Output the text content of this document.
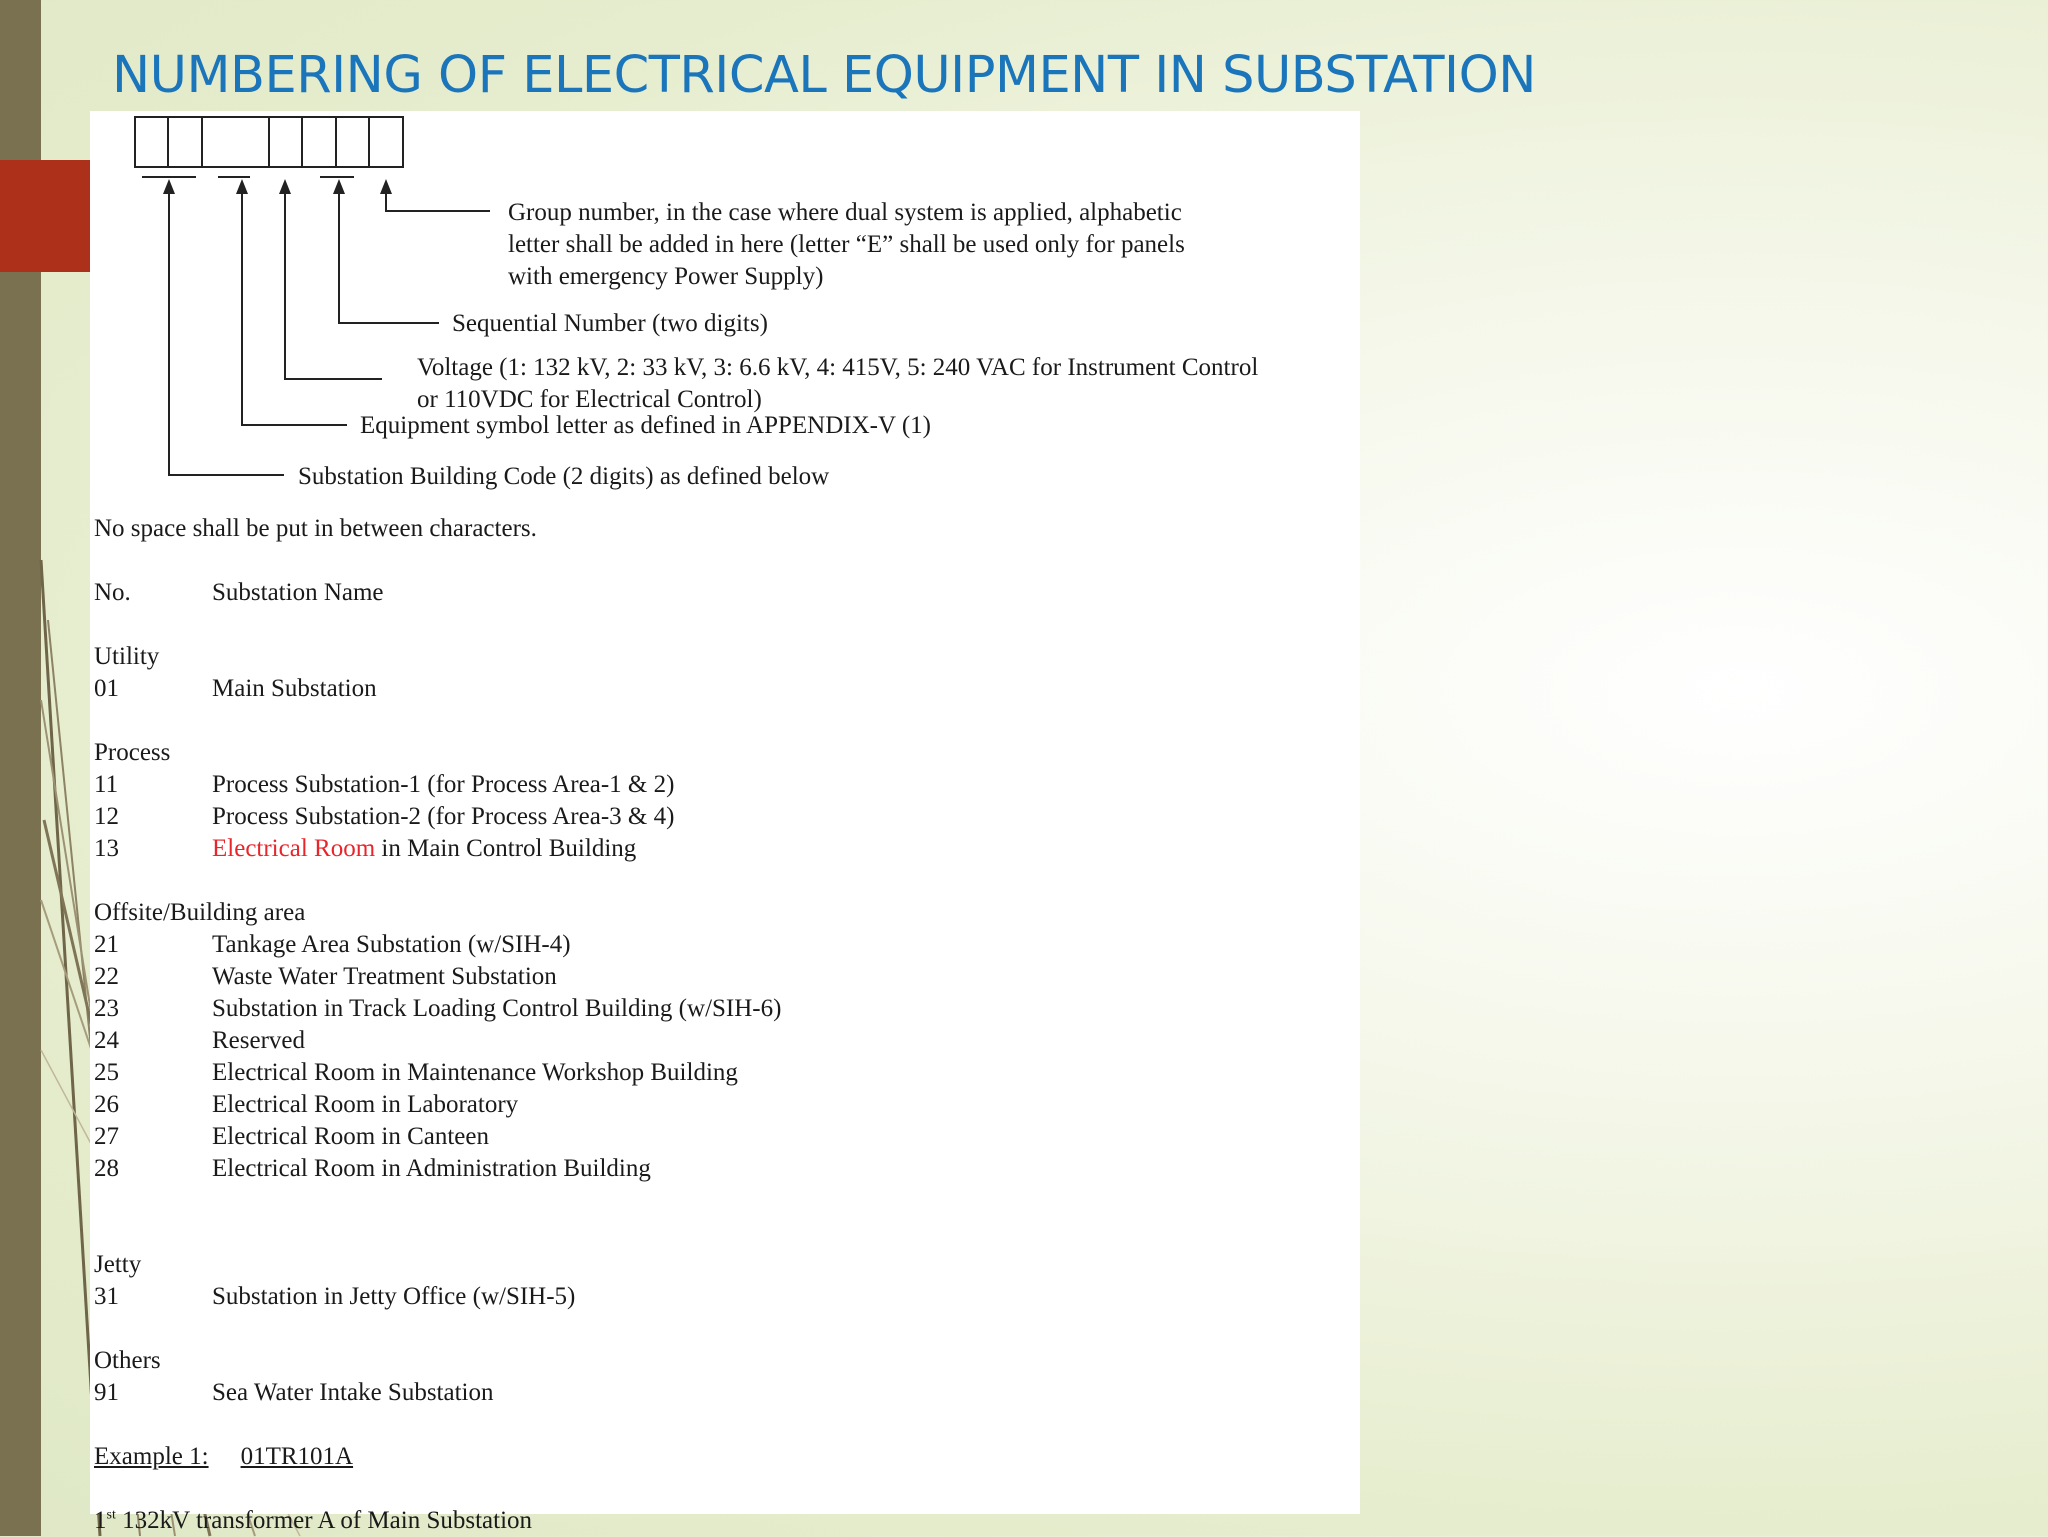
NUMBERING OF ELECTRICAL EQUIPMENT IN SUBSTATION
Group number, in the case where dual system is applied, alphabetic
letter shall be added in here (letter “E” shall be used only for panels
with emergency Power Supply)
Sequential Number (two digits)
Voltage (1: 132 kV, 2: 33 kV, 3: 6.6 kV, 4: 415V, 5: 240 VAC for Instrument Control
or 110VDC for Electrical Control)
Equipment symbol letter as defined in APPENDIX-V (1)
Substation Building Code (2 digits) as defined below

No space shall be put in between characters.

No.	Substation Name
Utility
01	Main Substation
Process
11	Process Substation-1 (for Process Area-1 & 2)
12	Process Substation-2 (for Process Area-3 & 4)
13	Electrical Room in Main Control Building
Offsite/Building area
21	Tankage Area Substation (w/SIH-4)
22	Waste Water Treatment Substation
23	Substation in Track Loading Control Building (w/SIH-6)
24	Reserved
25	Electrical Room in Maintenance Workshop Building
26	Electrical Room in Laboratory
27	Electrical Room in Canteen
28	Electrical Room in Administration Building
Jetty
31	Substation in Jetty Office (w/SIH-5)
Others
91	Sea Water Intake Substation

Example 1: 01TR101A

1st 132kV transformer A of Main Substation
